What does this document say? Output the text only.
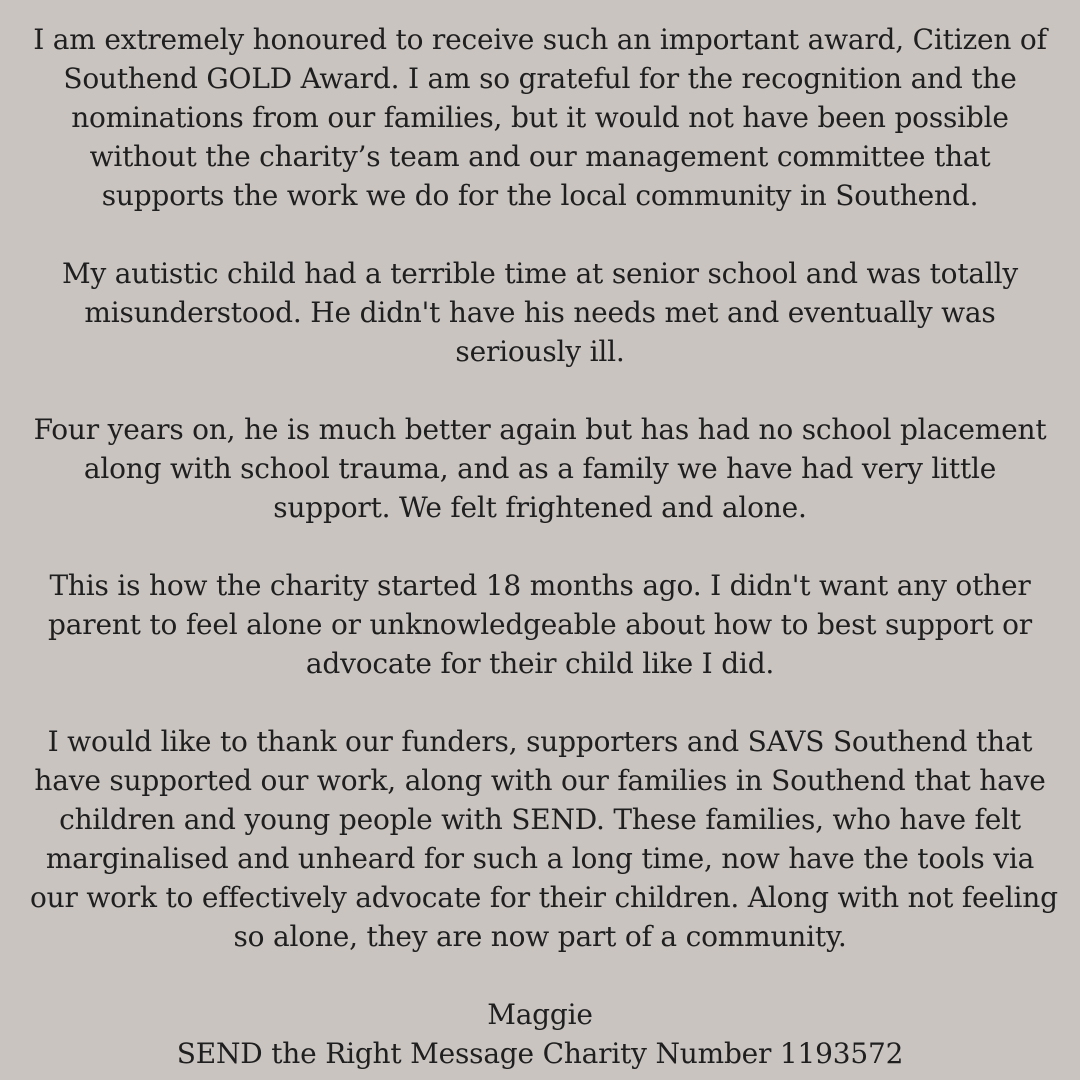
I am extremely honoured to receive such an important award, Citizen of
Southend GOLD Award. I am so grateful for the recognition and the
nominations from our families, but it would not have been possible
without the charity’s team and our management committee that
supports the work we do for the local community in Southend.

My autistic child had a terrible time at senior school and was totally
misunderstood. He didn't have his needs met and eventually was
seriously ill.

Four years on, he is much better again but has had no school placement
along with school trauma, and as a family we have had very little
support. We felt frightened and alone.

This is how the charity started 18 months ago. I didn't want any other
parent to feel alone or unknowledgeable about how to best support or
advocate for their child like I did.

I would like to thank our funders, supporters and SAVS Southend that
have supported our work, along with our families in Southend that have
children and young people with SEND. These families, who have felt
marginalised and unheard for such a long time, now have the tools via
our work to effectively advocate for their children. Along with not feeling
so alone, they are now part of a community.

Maggie
SEND the Right Message Charity Number 1193572
